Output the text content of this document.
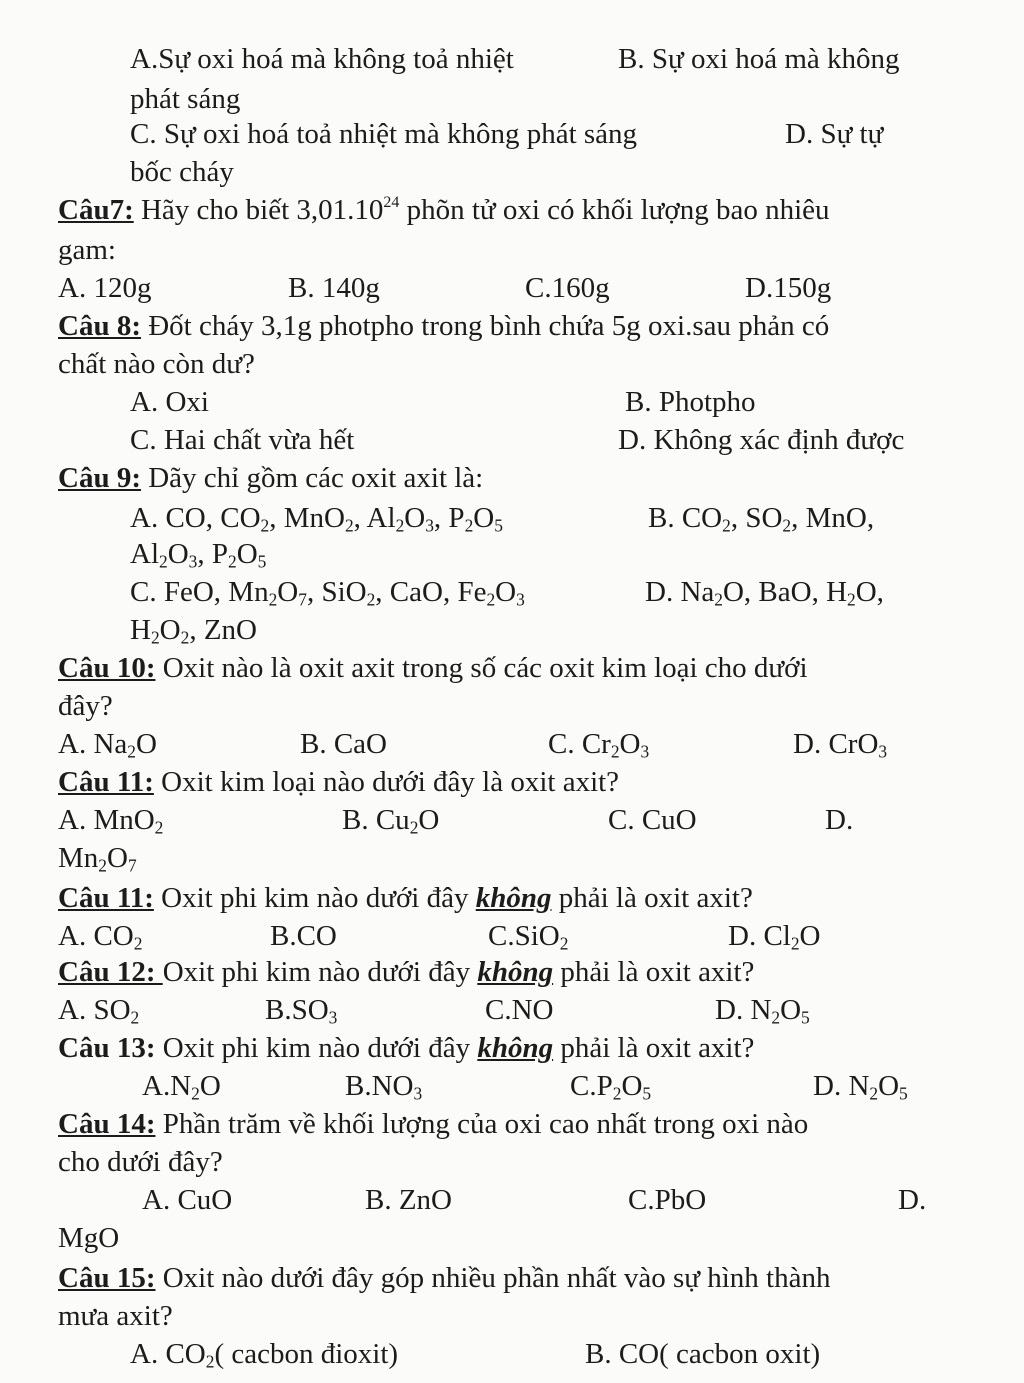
A.Sự oxi hoá mà không toả nhiệt	B. Sự oxi hoá mà không
phát sáng
C. Sự oxi hoá toả nhiệt mà không phát sáng	D. Sự tự
bốc cháy
Câu7: Hãy cho biết 3,01.10$^{24}$ phõn tử oxi có khối lượng bao nhiêu
gam:
A. 120g	B. 140g	C.160g	D.150g
Câu 8: Đốt cháy 3,1g photpho trong bình chứa 5g oxi.sau phản có
chất nào còn dư?
A. Oxi	B. Photpho
C. Hai chất vừa hết	D. Không xác định được
Câu 9: Dãy chỉ gồm các oxit axit là:
A. CO, $CO_2$, MnO$_2$, $Al_2O_3$, $P_2O_5$	B. $CO_2$, $SO_2$, MnO,
$Al_2O_3$, $P_2O_5$
C. FeO, $Mn_2O_7$, SiO$_2$, CaO, $Fe_2O_3$	D. $Na_2O$, BaO, $H_2O$,
$H_2O_2$, ZnO
Câu 10: Oxit nào là oxit axit trong số các oxit kim loại cho dưới
đây?
A. $Na_2O$	B. CaO	C. $Cr_2O_3$	D. CrO$_3$
Câu 11: Oxit kim loại nào dưới đây là oxit axit?
A. MnO$_2$	B. $Cu_2O$	C. CuO	D.
$Mn_2O_7$
Câu 11: Oxit phi kim nào dưới đây không phải là oxit axit?
A. $CO_2$	B.CO	C.SiO$_2$	D. $Cl_2O$
Câu 12: Oxit phi kim nào dưới đây không phải là oxit axit?
A. $SO_2$	$B.SO_3$	C.NO	D. $N_2O_5$
Câu 13: Oxit phi kim nào dưới đây không phải là oxit axit?
$A.N_2O$	$B.NO_3$	$C.P_2O_5$	D. $N_2O_5$
Câu 14: Phần trăm về khối lượng của oxi cao nhất trong oxi nào
cho dưới đây?
A. CuO	B. ZnO	C.PbO	D.
MgO
Câu 15: Oxit nào dưới đây góp nhiều phần nhất vào sự hình thành
mưa axit?
A. $CO_2$( cacbon đioxit)	B. CO( cacbon oxit)
